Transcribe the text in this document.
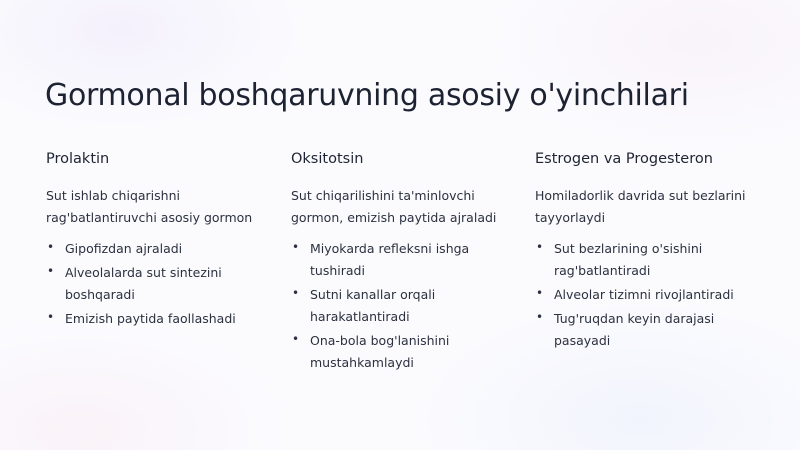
Gormonal boshqaruvning asosiy o'yinchilari
Prolaktin

Sut ishlab chiqarishni rag'batlantiruvchi asosiy gormon

• Gipofizdan ajraladi
• Alveolalarda sut sintezini boshqaradi
• Emizish paytida faollashadi
Oksitotsin

Sut chiqarilishini ta'minlovchi gormon, emizish paytida ajraladi

• Miyokarda refleksni ishga tushiradi
• Sutni kanallar orqali harakatlantiradi
• Ona-bola bog'lanishini mustahkamlaydi
Estrogen va Progesteron

Homiladorlik davrida sut bezlarini tayyorlaydi

• Sut bezlarining o'sishini rag'batlantiradi
• Alveolar tizimni rivojlantiradi
• Tug'ruqdan keyin darajasi pasayadi
